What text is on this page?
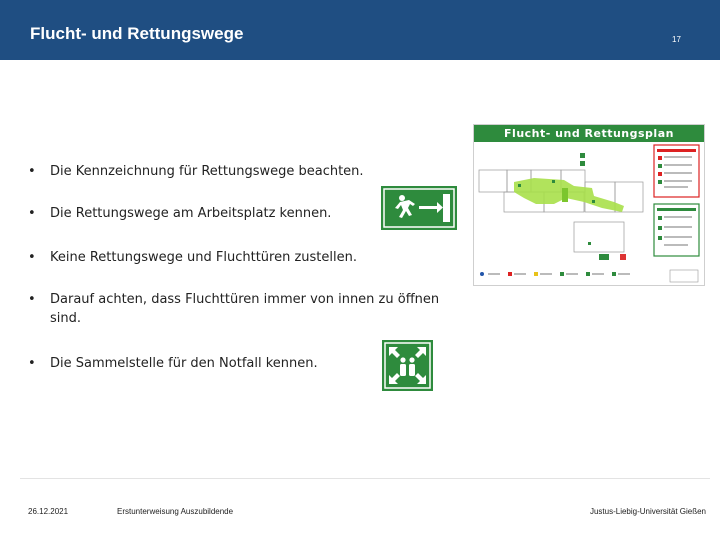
Flucht- und Rettungswege	17
• Die Kennzeichnung für Rettungswege beachten.
• Die Rettungswege am Arbeitsplatz kennen.
• Keine Rettungswege und Fluchttüren zustellen.
• Darauf achten, dass Fluchttüren immer von innen zu öffnen sind.
• Die Sammelstelle für den Notfall kennen.
Flucht- und Rettungsplan
26.12.2021	Erstunterweisung Auszubildende	Justus-Liebig-Universität Gießen
